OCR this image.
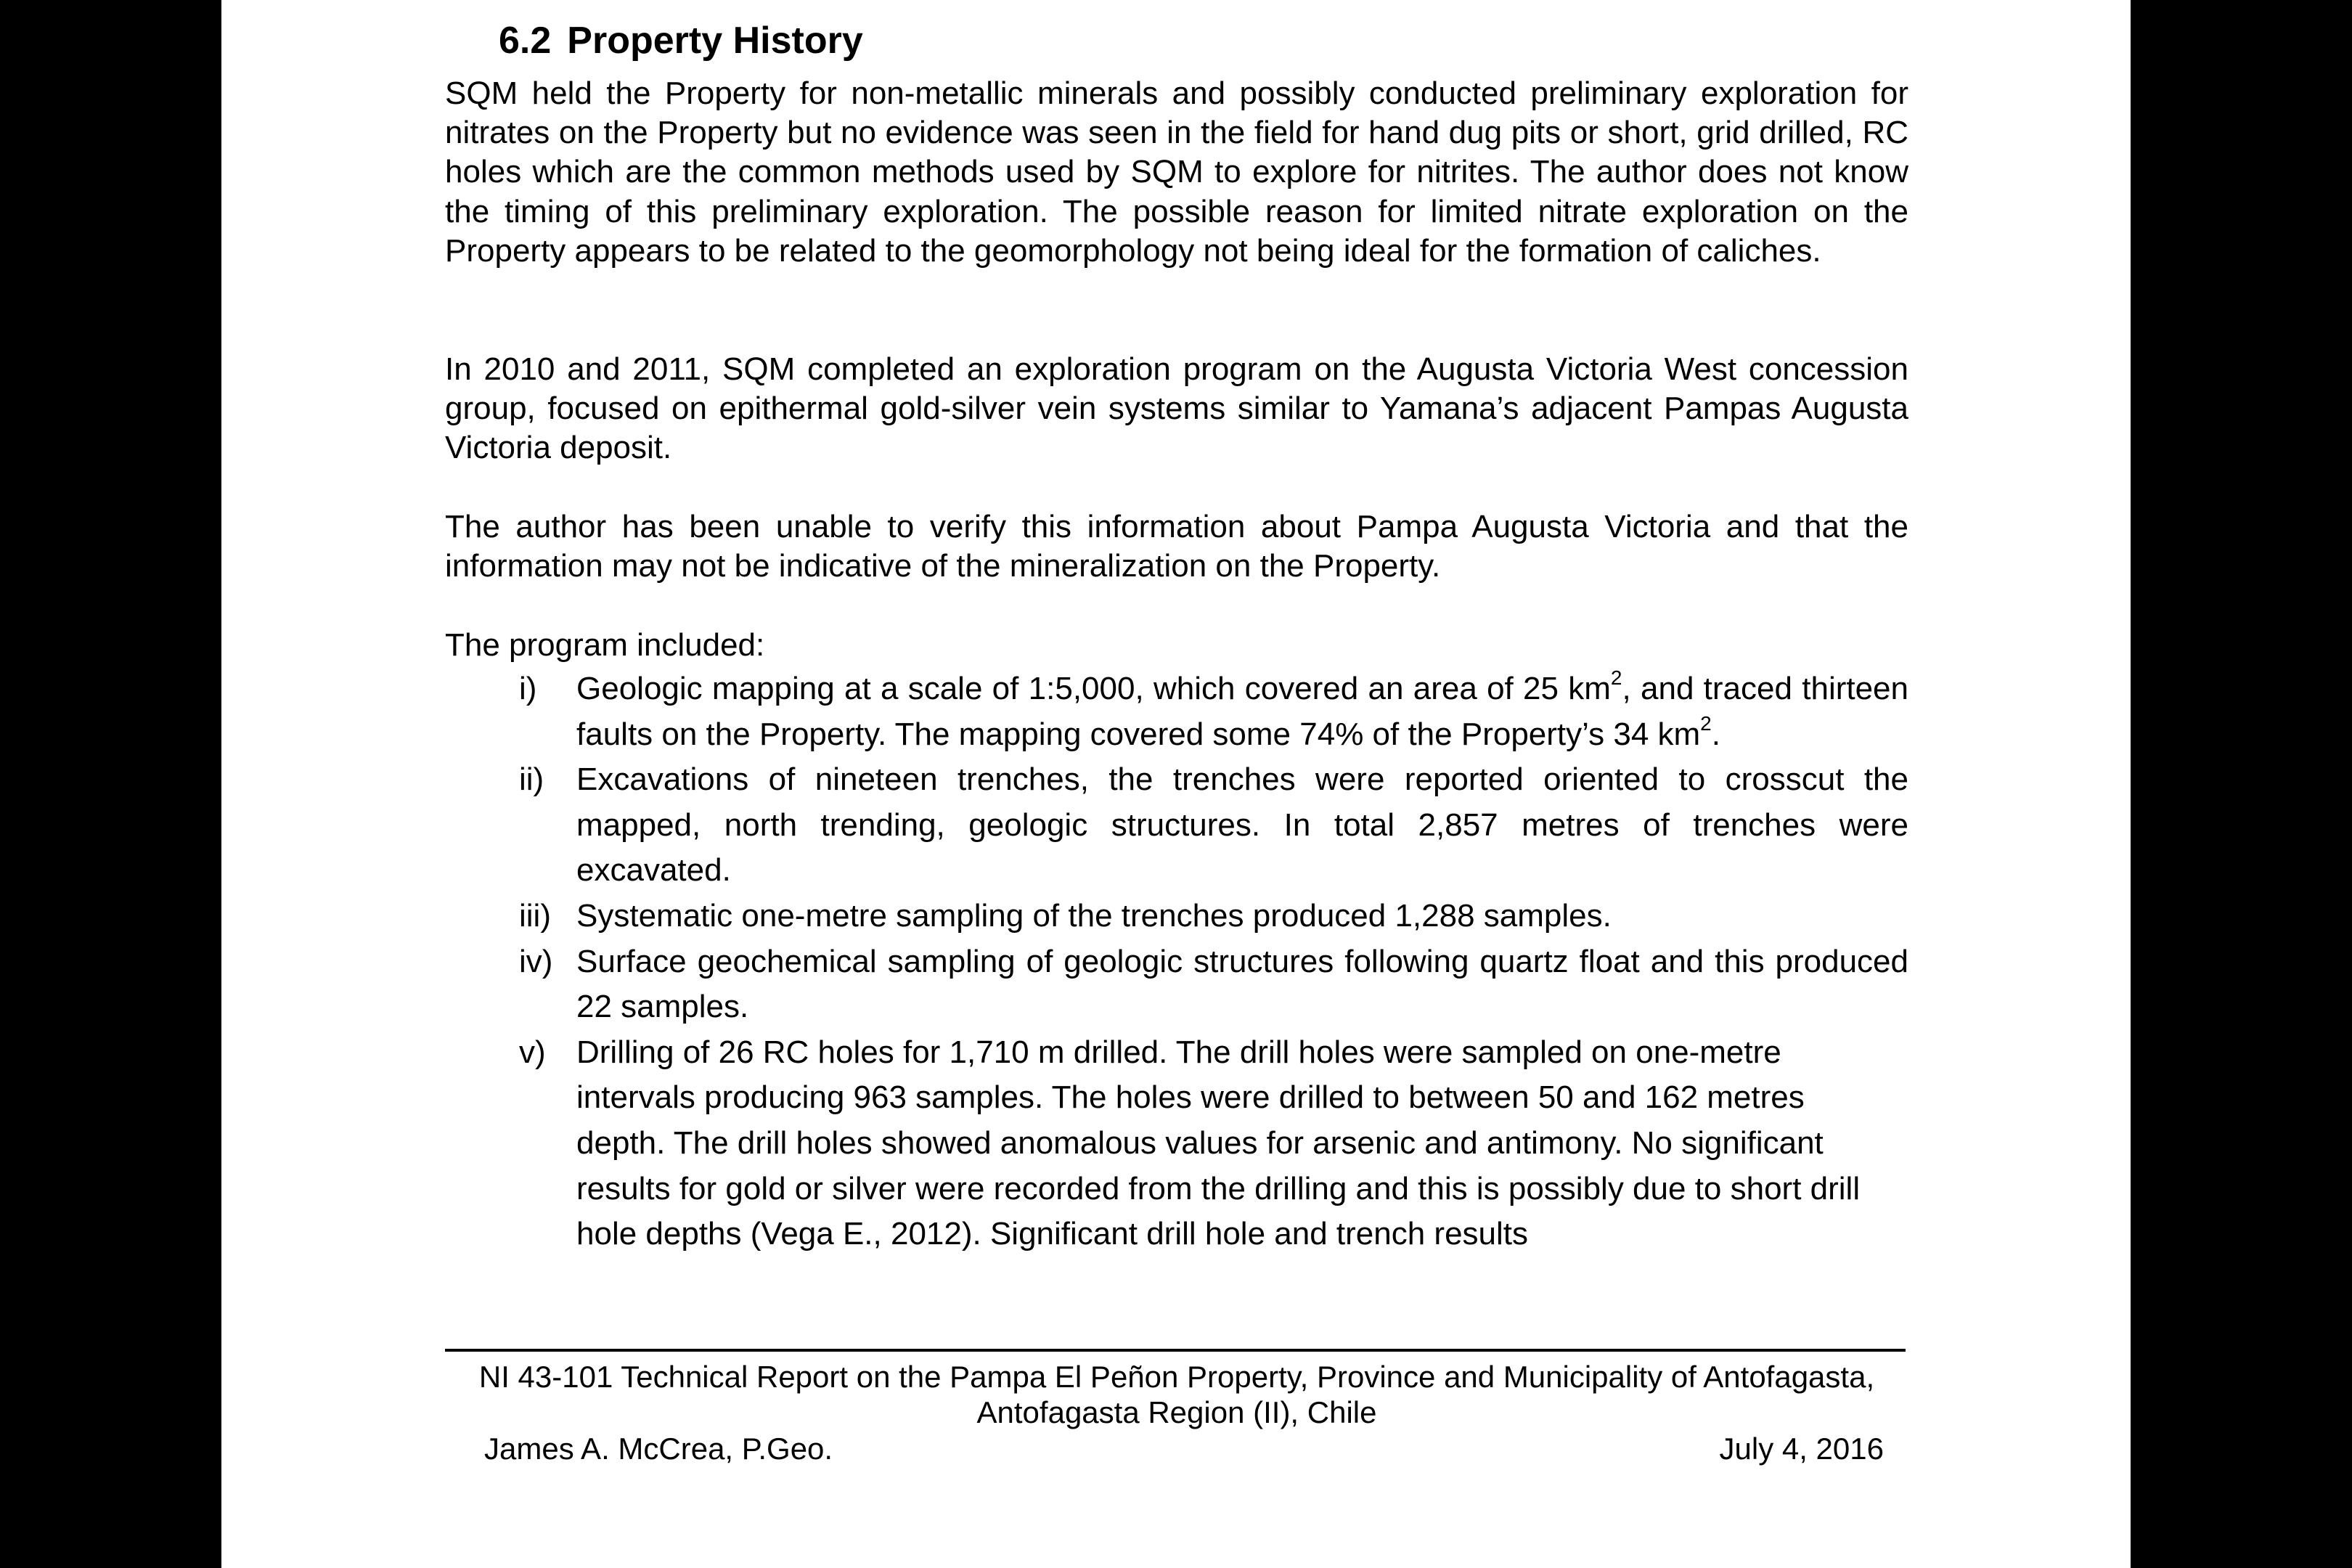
6.2 Property History

SQM held the Property for non-metallic minerals and possibly conducted preliminary exploration for nitrates on the Property but no evidence was seen in the field for hand dug pits or short, grid drilled, RC holes which are the common methods used by SQM to explore for nitrites. The author does not know the timing of this preliminary exploration. The possible reason for limited nitrate exploration on the Property appears to be related to the geomorphology not being ideal for the formation of caliches.

In 2010 and 2011, SQM completed an exploration program on the Augusta Victoria West concession group, focused on epithermal gold-silver vein systems similar to Yamana’s adjacent Pampas Augusta Victoria deposit.

The author has been unable to verify this information about Pampa Augusta Victoria and that the information may not be indicative of the mineralization on the Property.

The program included:

i) Geologic mapping at a scale of 1:5,000, which covered an area of 25 $km^2$, and traced thirteen faults on the Property. The mapping covered some 74% of the Property’s 34 $km^2$.
ii) Excavations of nineteen trenches, the trenches were reported oriented to crosscut the mapped, north trending, geologic structures. In total 2,857 metres of trenches were excavated.
iii) Systematic one-metre sampling of the trenches produced 1,288 samples.
iv) Surface geochemical sampling of geologic structures following quartz float and this produced 22 samples.
v) Drilling of 26 RC holes for 1,710 m drilled. The drill holes were sampled on one-metre intervals producing 963 samples. The holes were drilled to between 50 and 162 metres depth. The drill holes showed anomalous values for arsenic and antimony. No significant results for gold or silver were recorded from the drilling and this is possibly due to short drill hole depths (Vega E., 2012). Significant drill hole and trench results
NI 43-101 Technical Report on the Pampa El Peñon Property, Province and Municipality of Antofagasta,
Antofagasta Region (II), Chile
James A. McCrea, P.Geo.	July 4, 2016
